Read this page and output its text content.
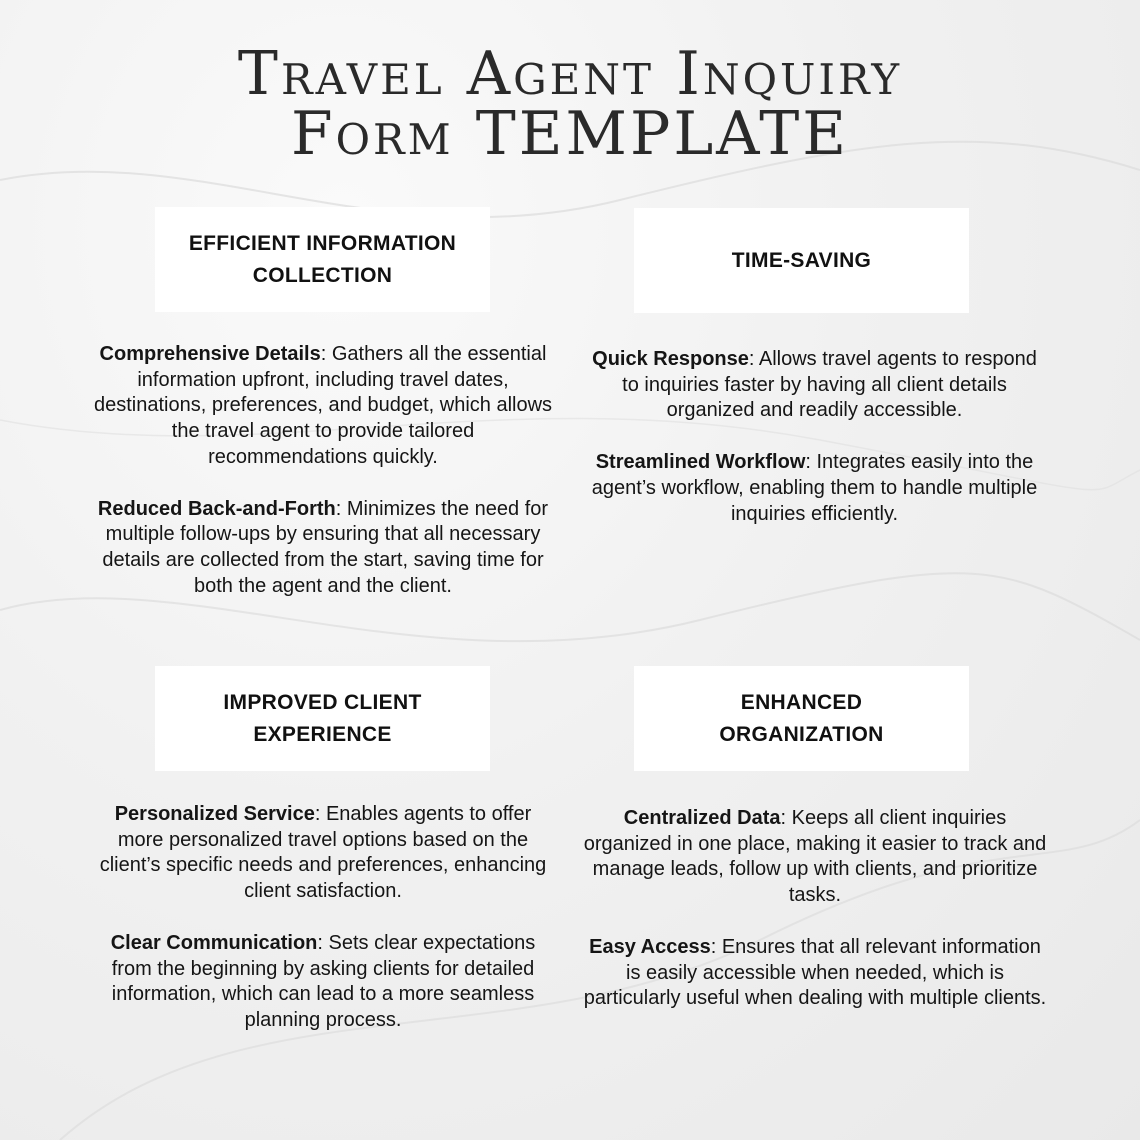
Travel Agent Inquiry
Form TEMPLATE
EFFICIENT INFORMATION COLLECTION

Comprehensive Details: Gathers all the essential information upfront, including travel dates, destinations, preferences, and budget, which allows the travel agent to provide tailored recommendations quickly.

Reduced Back-and-Forth: Minimizes the need for multiple follow-ups by ensuring that all necessary details are collected from the start, saving time for both the agent and the client.

TIME-SAVING

Quick Response: Allows travel agents to respond to inquiries faster by having all client details organized and readily accessible.

Streamlined Workflow: Integrates easily into the agent’s workflow, enabling them to handle multiple inquiries efficiently.

IMPROVED CLIENT EXPERIENCE

Personalized Service: Enables agents to offer more personalized travel options based on the client’s specific needs and preferences, enhancing client satisfaction.

Clear Communication: Sets clear expectations from the beginning by asking clients for detailed information, which can lead to a more seamless planning process.

ENHANCED ORGANIZATION

Centralized Data: Keeps all client inquiries organized in one place, making it easier to track and manage leads, follow up with clients, and prioritize tasks.

Easy Access: Ensures that all relevant information is easily accessible when needed, which is particularly useful when dealing with multiple clients.
